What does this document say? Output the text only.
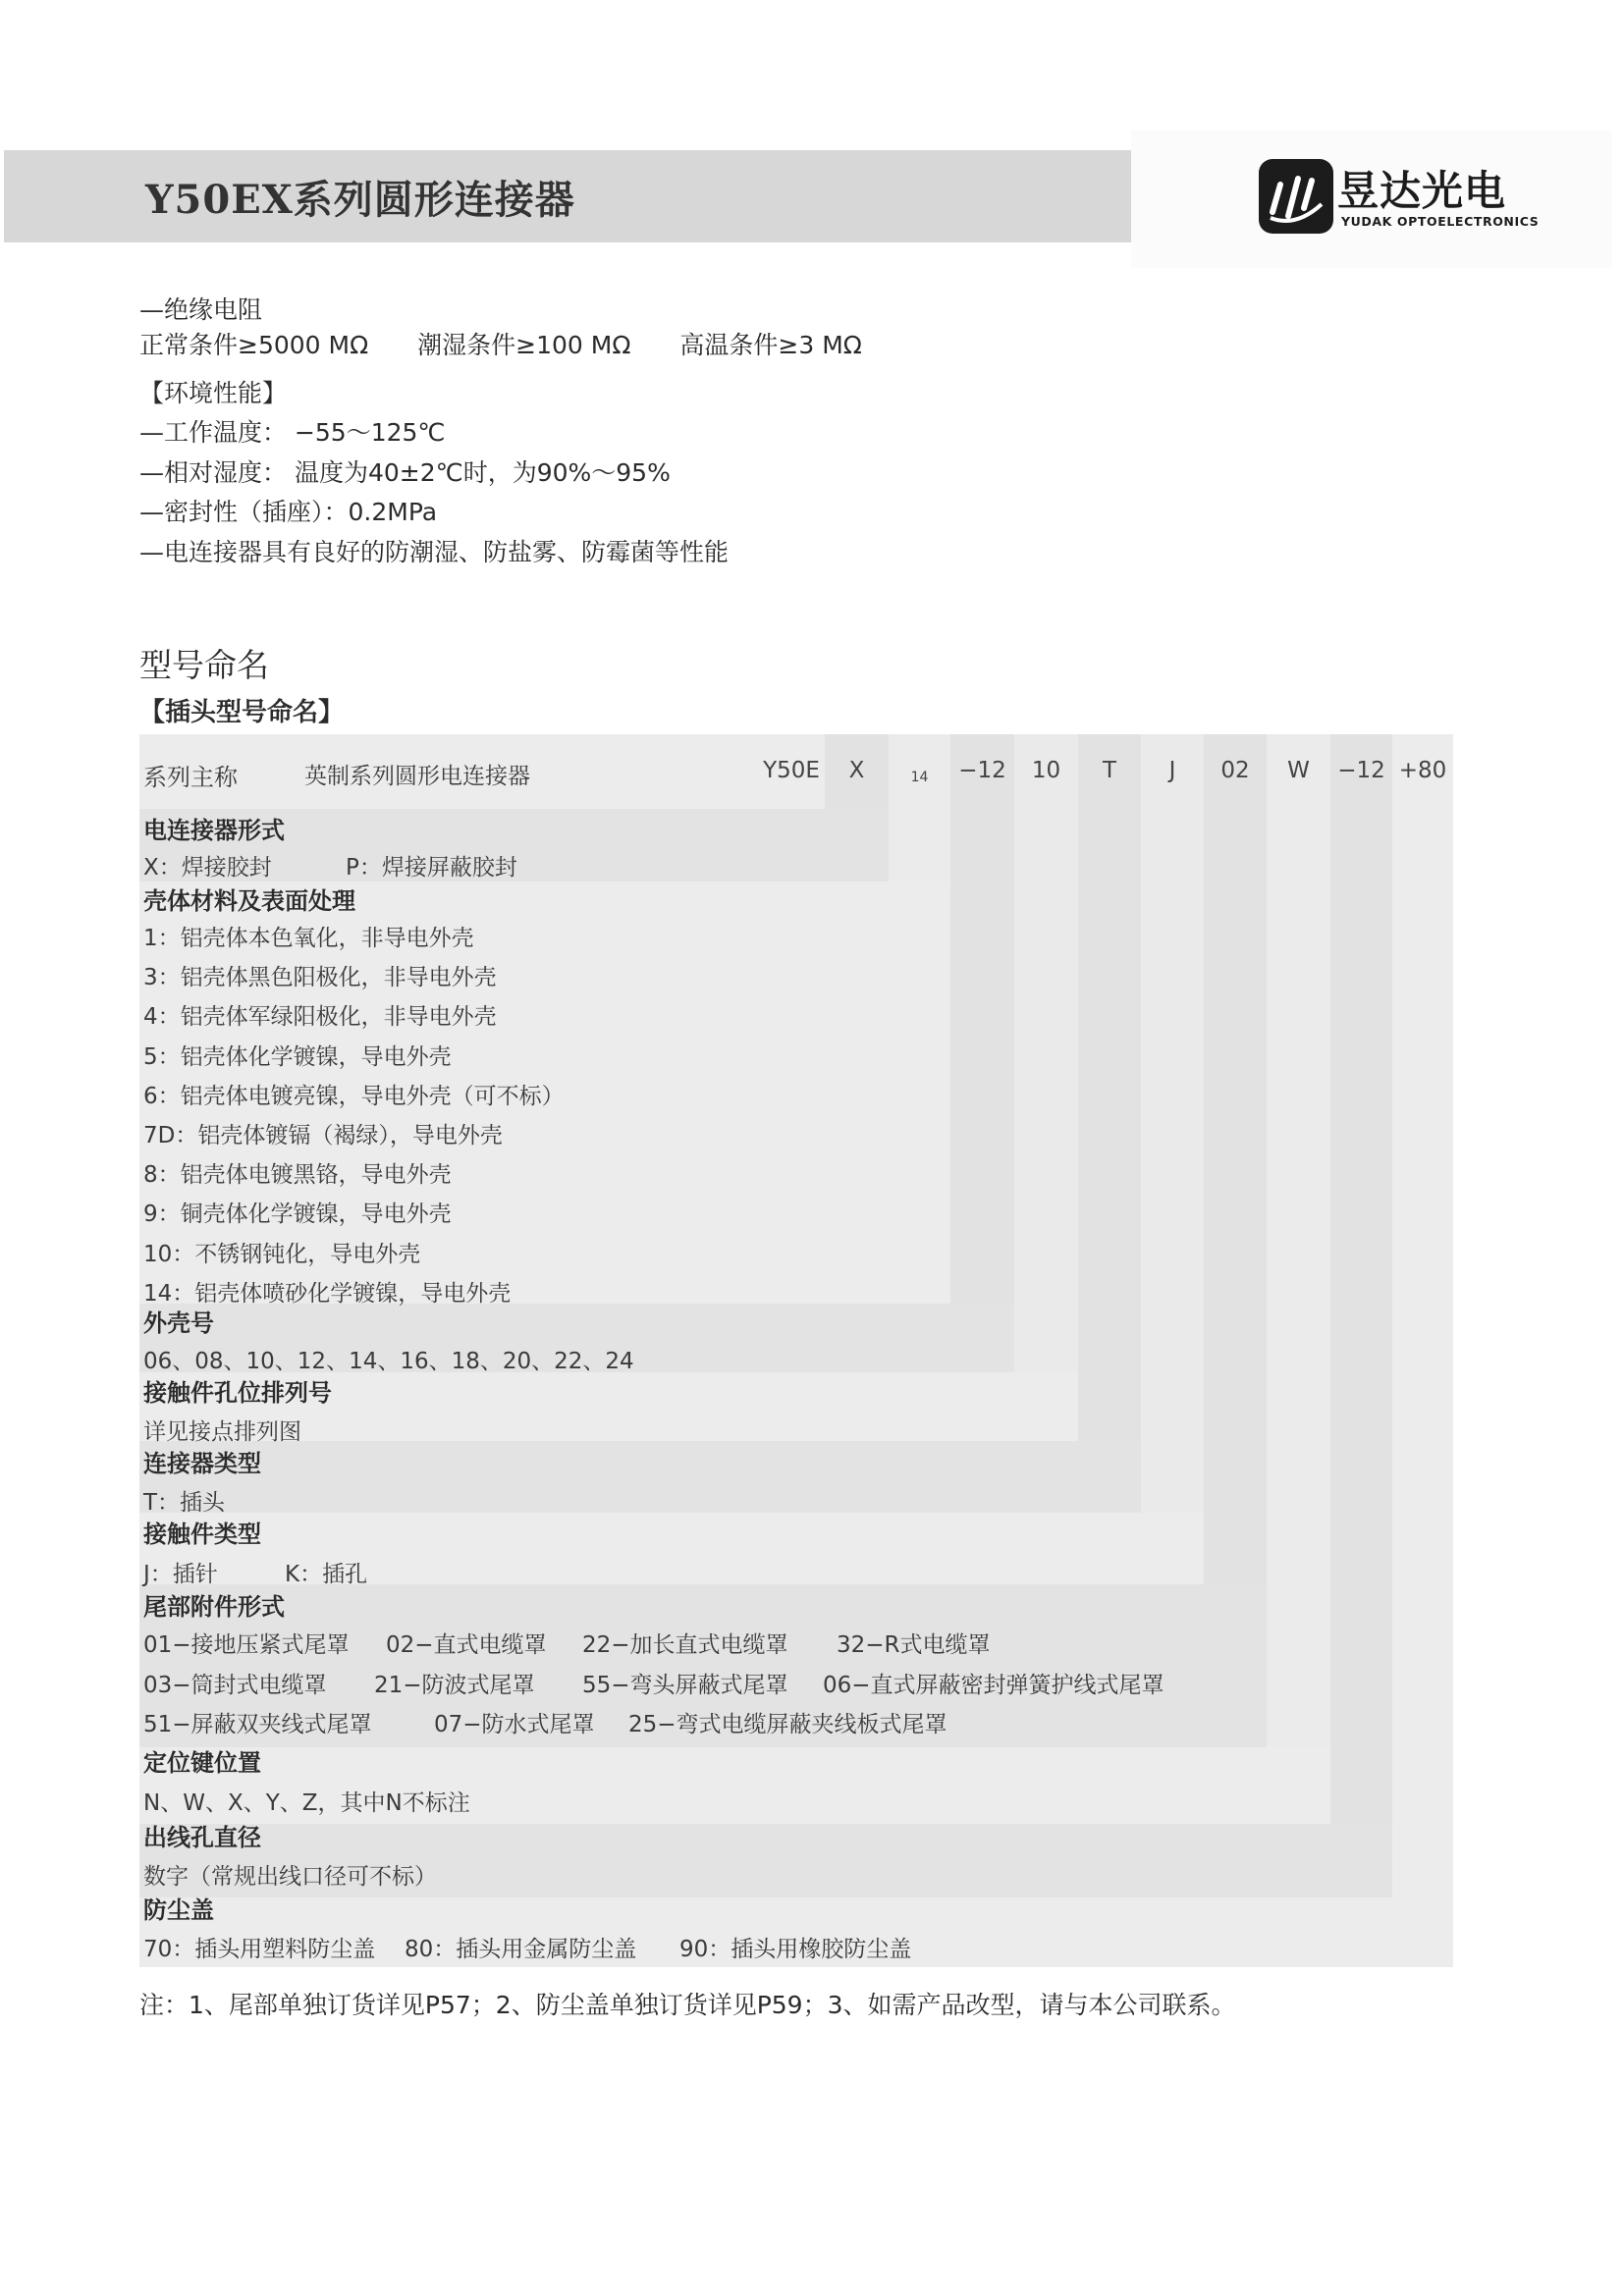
Y50EX系列圆形连接器	昱达光电
YUDAK OPTOELECTRONICS
—绝缘电阻
正常条件≥5000 MΩ 潮湿条件≥100 MΩ 高温条件≥3 MΩ
【环境性能】
—工作温度： −55～125℃
—相对湿度： 温度为40±2℃时，为90%～95%
—密封性（插座）：0.2MPa
—电连接器具有良好的防潮湿、防盐雾、防霉菌等性能
型号命名
【插头型号命名】
系列主称	英制系列圆形电连接器	Y50E	X	14	−12	10	T	J	02	W	−12 +80
电连接器形式
X：焊接胶封	P：焊接屏蔽胶封
壳体材料及表面处理
1：铝壳体本色氧化，非导电外壳
3：铝壳体黑色阳极化，非导电外壳
4：铝壳体军绿阳极化，非导电外壳
5：铝壳体化学镀镍，导电外壳
6：铝壳体电镀亮镍，导电外壳（可不标）
7D：铝壳体镀镉（褐绿），导电外壳
8：铝壳体电镀黑铬，导电外壳
9：铜壳体化学镀镍，导电外壳
10：不锈钢钝化，导电外壳
14：铝壳体喷砂化学镀镍，导电外壳
外壳号
06、08、10、12、14、16、18、20、22、24
接触件孔位排列号
详见接点排列图
连接器类型
T：插头
接触件类型
J：插针	K：插孔
尾部附件形式
01−接地压紧式尾罩 02−直式电缆罩 22−加长直式电缆罩 32−R式电缆罩
03−筒封式电缆罩 21−防波式尾罩 55−弯头屏蔽式尾罩 06−直式屏蔽密封弹簧护线式尾罩
51−屏蔽双夹线式尾罩	07−防水式尾罩 25−弯式电缆屏蔽夹线板式尾罩
定位键位置
N、W、X、Y、Z，其中N不标注
出线孔直径
数字（常规出线口径可不标）
防尘盖
70：插头用塑料防尘盖 80：插头用金属防尘盖 90：插头用橡胶防尘盖
注：1、尾部单独订货详见P57；2、防尘盖单独订货详见P59；3、如需产品改型，请与本公司联系。
